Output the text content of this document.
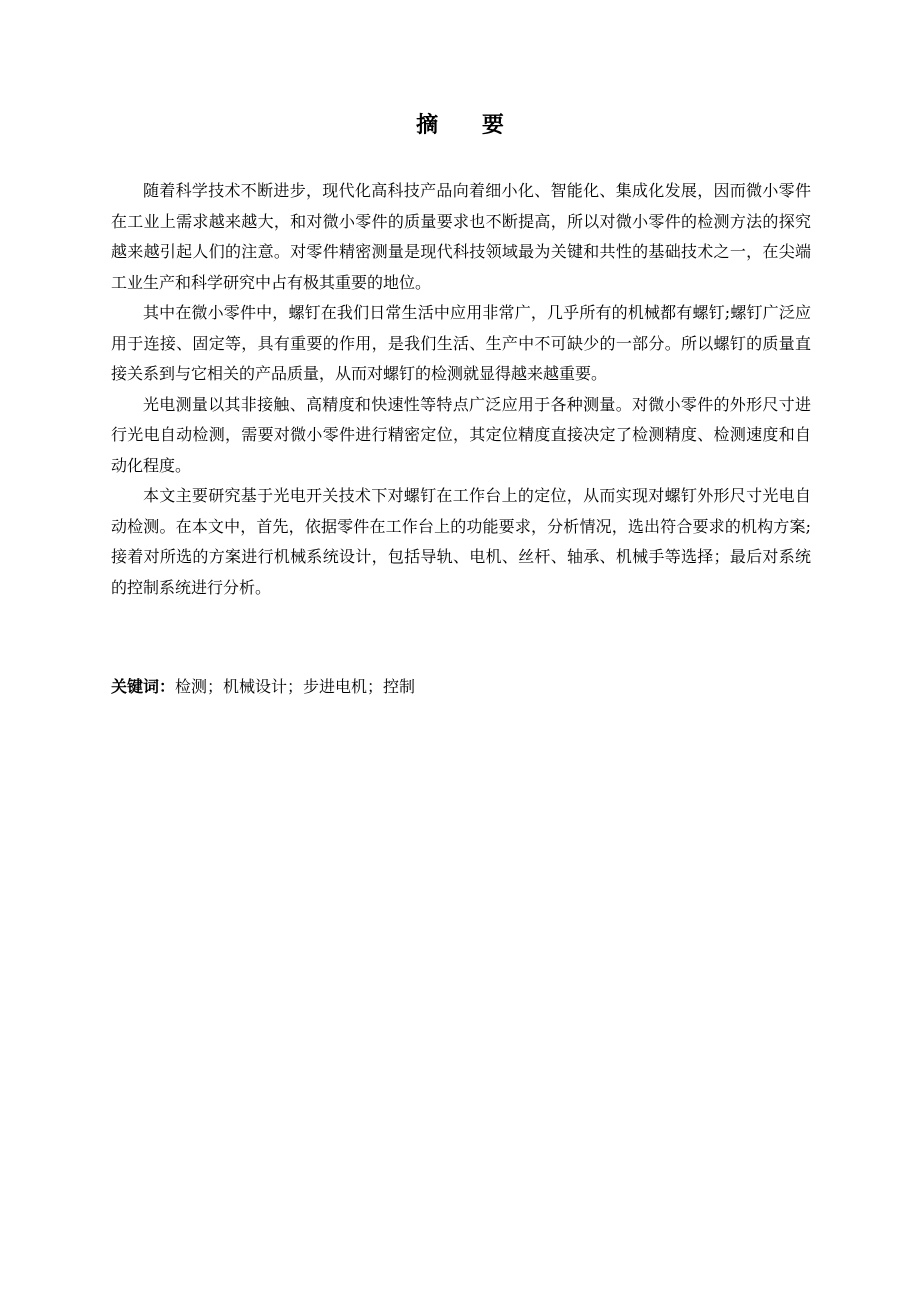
摘 要

随着科学技术不断进步，现代化高科技产品向着细小化、智能化、集成化发展，因而微小零件在工业上需求越来越大，和对微小零件的质量要求也不断提高，所以对微小零件的检测方法的探究越来越引起人们的注意。对零件精密测量是现代科技领域最为关键和共性的基础技术之一，在尖端工业生产和科学研究中占有极其重要的地位。

其中在微小零件中，螺钉在我们日常生活中应用非常广，几乎所有的机械都有螺钉;螺钉广泛应用于连接、固定等，具有重要的作用，是我们生活、生产中不可缺少的一部分。所以螺钉的质量直接关系到与它相关的产品质量，从而对螺钉的检测就显得越来越重要。

光电测量以其非接触、高精度和快速性等特点广泛应用于各种测量。对微小零件的外形尺寸进行光电自动检测，需要对微小零件进行精密定位，其定位精度直接决定了检测精度、检测速度和自动化程度。

本文主要研究基于光电开关技术下对螺钉在工作台上的定位，从而实现对螺钉外形尺寸光电自动检测。在本文中，首先，依据零件在工作台上的功能要求，分析情况，选出符合要求的机构方案;接着对所选的方案进行机械系统设计，包括导轨、电机、丝杆、轴承、机械手等选择；最后对系统的控制系统进行分析。

关键词：检测；机械设计；步进电机；控制
